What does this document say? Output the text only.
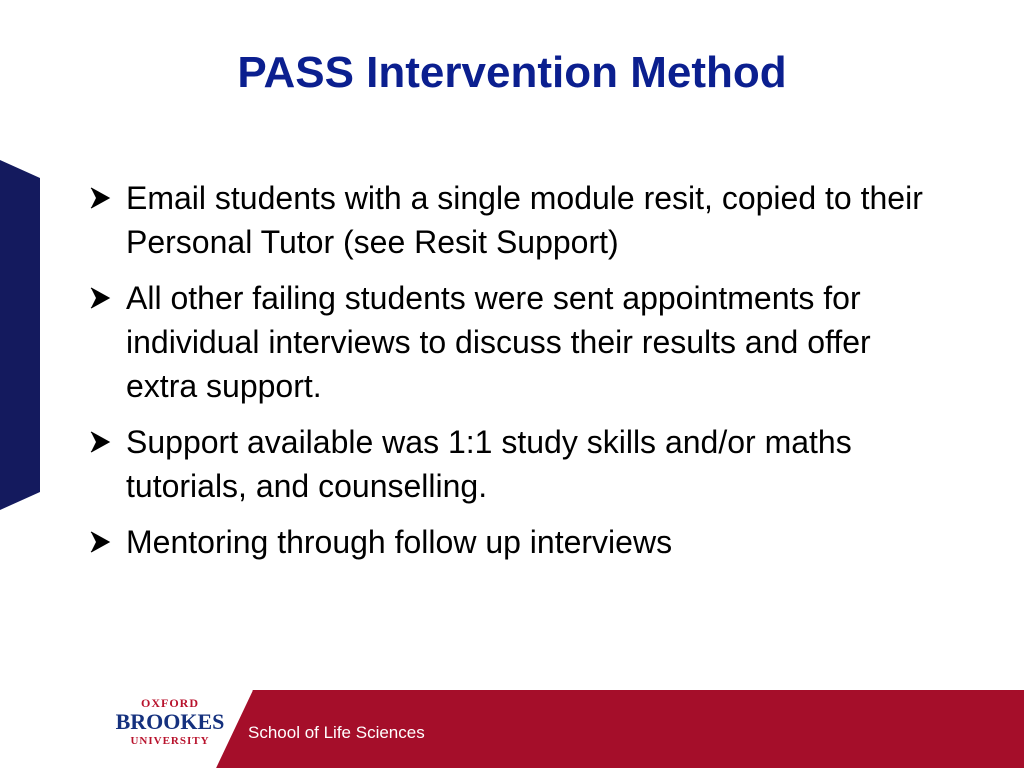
PASS Intervention Method
Email students with a single module resit, copied to their Personal Tutor (see Resit Support)
All other failing students were sent appointments for individual interviews to discuss their results and offer extra support.
Support available was 1:1 study skills and/or maths tutorials, and counselling.
Mentoring through follow up interviews
OXFORD
BROOKES
UNIVERSITY	School of Life Sciences
